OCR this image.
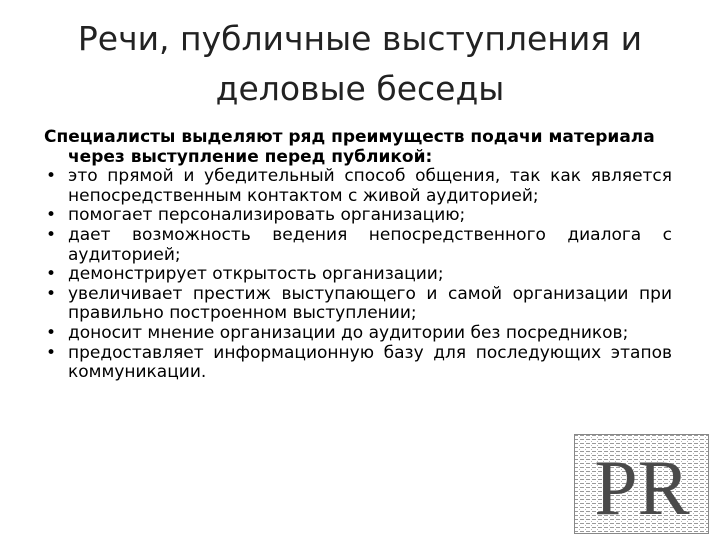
Речи, публичные выступления и
деловые беседы

Специалисты выделяют ряд преимуществ подачи материала через выступление перед публикой:

• это прямой и убедительный способ общения, так как является непосредственным контактом с живой аудиторией;
• помогает персонализировать организацию;
• дает возможность ведения непосредственного диалога с аудиторией;
• демонстрирует открытость организации;
• увеличивает престиж выступающего и самой организации при правильно построенном выступлении;
• доносит мнение организации до аудитории без посредников;
• предоставляет информационную базу для последующих этапов коммуникации.
PR
